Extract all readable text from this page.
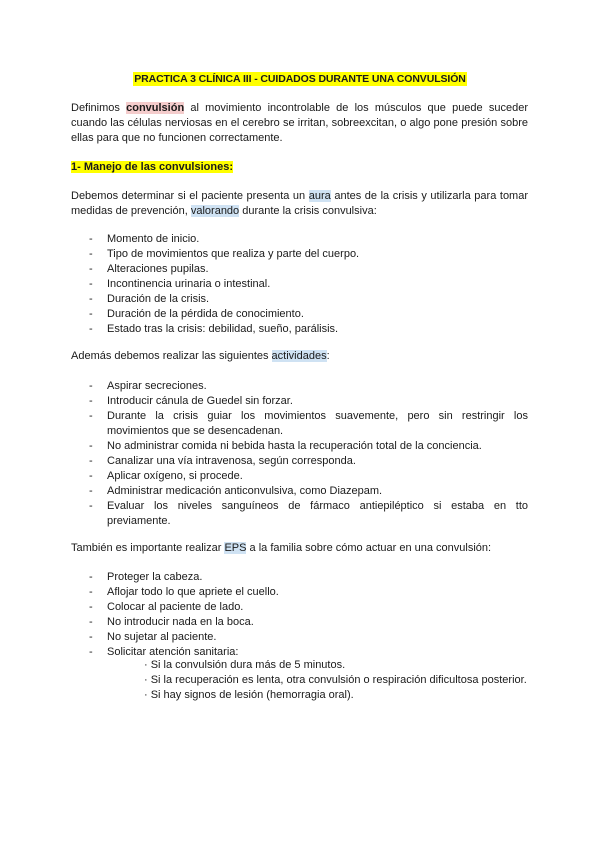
PRACTICA 3 CLÍNICA III - CUIDADOS DURANTE UNA CONVULSIÓN
Definimos convulsión al movimiento incontrolable de los músculos que puede suceder cuando las células nerviosas en el cerebro se irritan, sobreexcitan, o algo pone presión sobre ellas para que no funcionen correctamente.
1- Manejo de las convulsiones:
Debemos determinar si el paciente presenta un aura antes de la crisis y utilizarla para tomar medidas de prevención, valorando durante la crisis convulsiva:
- Momento de inicio.
- Tipo de movimientos que realiza y parte del cuerpo.
- Alteraciones pupilas.
- Incontinencia urinaria o intestinal.
- Duración de la crisis.
- Duración de la pérdida de conocimiento.
- Estado tras la crisis: debilidad, sueño, parálisis.
Además debemos realizar las siguientes actividades:
- Aspirar secreciones.
- Introducir cánula de Guedel sin forzar.
- Durante la crisis guiar los movimientos suavemente, pero sin restringir los movimientos que se desencadenan.
- No administrar comida ni bebida hasta la recuperación total de la conciencia.
- Canalizar una vía intravenosa, según corresponda.
- Aplicar oxígeno, si procede.
- Administrar medicación anticonvulsiva, como Diazepam.
- Evaluar los niveles sanguíneos de fármaco antiepiléptico si estaba en tto previamente.
También es importante realizar EPS a la familia sobre cómo actuar en una convulsión:
- Proteger la cabeza.
- Aflojar todo lo que apriete el cuello.
- Colocar al paciente de lado.
- No introducir nada en la boca.
- No sujetar al paciente.
- Solicitar atención sanitaria:
· Si la convulsión dura más de 5 minutos.
· Si la recuperación es lenta, otra convulsión o respiración dificultosa posterior.
· Si hay signos de lesión (hemorragia oral).
